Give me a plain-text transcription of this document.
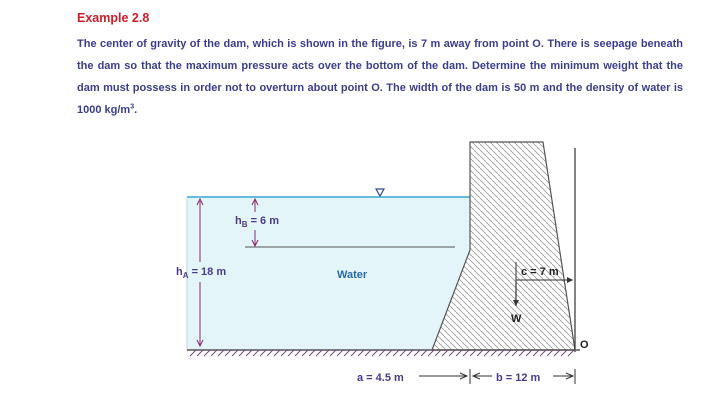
Example 2.8

The center of gravity of the dam, which is shown in the figure, is 7 m away from point O. There is seepage beneath the dam so that the maximum pressure acts over the bottom of the dam. Determine the minimum weight that the dam must possess in order not to overturn about point O. The width of the dam is 50 m and the density of water is 1000 $kg/m^3$.

$h_A = 18$ m
$h_B = 6$ m
Water	c = 7 m
W
O
a = 4.5 m	b = 12 m
